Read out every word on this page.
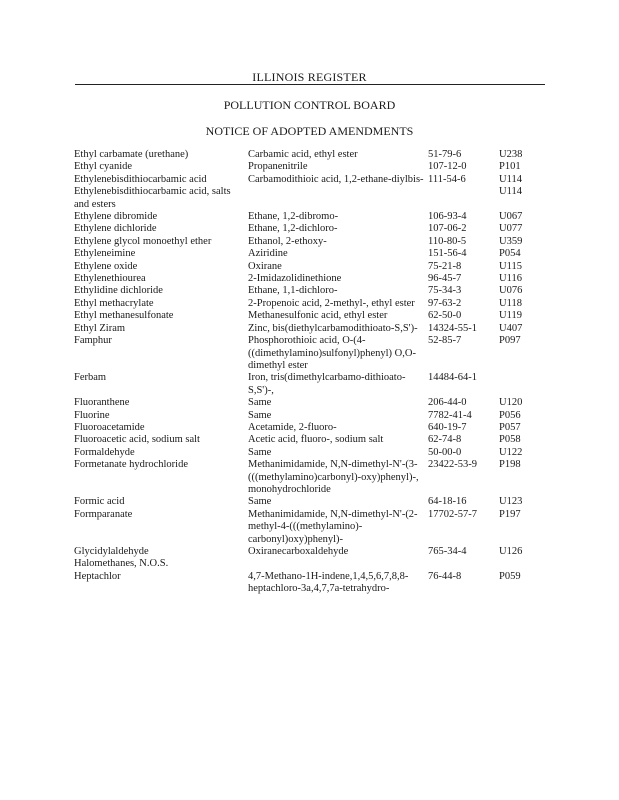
ILLINOIS REGISTER
POLLUTION CONTROL BOARD
NOTICE OF ADOPTED AMENDMENTS
Ethyl carbamate (urethane)	Carbamic acid, ethyl ester	51-79-6	U238
Ethyl cyanide	Propanenitrile	107-12-0	P101
Ethylenebisdithiocarbamic acid	Carbamodithioic acid, 1,2-ethane-diylbis-	111-54-6	U114
Ethylenebisdithiocarbamic acid, salts and esters			U114
Ethylene dibromide	Ethane, 1,2-dibromo-	106-93-4	U067
Ethylene dichloride	Ethane, 1,2-dichloro-	107-06-2	U077
Ethylene glycol monoethyl ether	Ethanol, 2-ethoxy-	110-80-5	U359
Ethyleneimine	Aziridine	151-56-4	P054
Ethylene oxide	Oxirane	75-21-8	U115
Ethylenethiourea	2-Imidazolidinethione	96-45-7	U116
Ethylidine dichloride	Ethane, 1,1-dichloro-	75-34-3	U076
Ethyl methacrylate	2-Propenoic acid, 2-methyl-, ethyl ester	97-63-2	U118
Ethyl methanesulfonate	Methanesulfonic acid, ethyl ester	62-50-0	U119
Ethyl Ziram	Zinc, bis(diethylcarbamodithioato-S,S')-	14324-55-1	U407
Famphur	Phosphorothioic acid, O-(4-((dimethylamino)sulfonyl)phenyl) O,O-dimethyl ester	52-85-7	P097
Ferbam	Iron, tris(dimethylcarbamo-dithioato-S,S')-,	14484-64-1	
Fluoranthene	Same	206-44-0	U120
Fluorine	Same	7782-41-4	P056
Fluoroacetamide	Acetamide, 2-fluoro-	640-19-7	P057
Fluoroacetic acid, sodium salt	Acetic acid, fluoro-, sodium salt	62-74-8	P058
Formaldehyde	Same	50-00-0	U122
Formetanate hydrochloride	Methanimidamide, N,N-dimethyl-N'-(3-(((methylamino)carbonyl)-oxy)phenyl)-, monohydrochloride	23422-53-9	P198
Formic acid	Same	64-18-16	U123
Formparanate	Methanimidamide, N,N-dimethyl-N'-(2-methyl-4-(((methylamino)-carbonyl)oxy)phenyl)-	17702-57-7	P197
Glycidylaldehyde	Oxiranecarboxaldehyde	765-34-4	U126
Halomethanes, N.O.S.			
Heptachlor	4,7-Methano-1H-indene,1,4,5,6,7,8,8-heptachloro-3a,4,7,7a-tetrahydro-	76-44-8	P059
